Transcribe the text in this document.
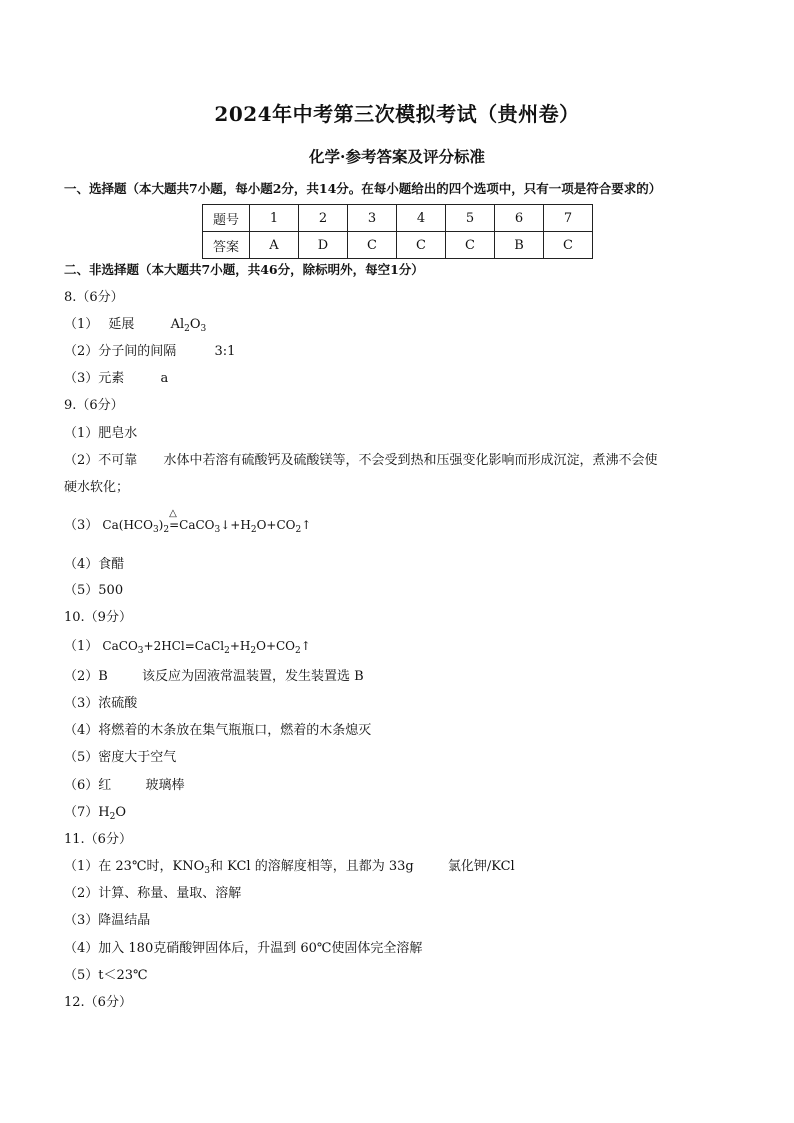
2024年中考第三次模拟考试（贵州卷）
化学·参考答案及评分标准
一、选择题（本大题共7小题，每小题2分，共14分。在每小题给出的四个选项中，只有一项是符合要求的）
题号	1	2	3	4	5	6	7
答案	A	D	C	C	C	B	C
二、非选择题（本大题共7小题，共46分，除标明外，每空1分）
8.（6分）
（1） 延展	$Al_2O_3$
（2）分子间的间隔	3:1
（3）元素	a
9.（6分）
（1）肥皂水
（2）不可靠 水体中若溶有硫酸钙及硫酸镁等，不会受到热和压强变化影响而形成沉淀，煮沸不会使
硬水软化；
（3） $Ca(HCO_3)_2$
△
$=CaCO_3↓+H_2O+CO_2↑$
（4）食醋
（5）500
10.（9分）
（1） $CaCO_3+2HCl=CaCl_2+H_2O+CO_2↑$
（2）B	该反应为固液常温装置，发生装置选 B
（3）浓硫酸
（4）将燃着的木条放在集气瓶瓶口，燃着的木条熄灭
（5）密度大于空气
（6）红	玻璃棒
$(7)H_2O$
11.（6分）
（1）在 23℃时，$KNO_3$和 KCl 的溶解度相等，且都为 33g	氯化钾/KCl
（2）计算、称量、量取、溶解
（3）降温结晶
（4）加入 180克硝酸钾固体后，升温到 60℃使固体完全溶解
（5）t＜23℃
12.（6分）
